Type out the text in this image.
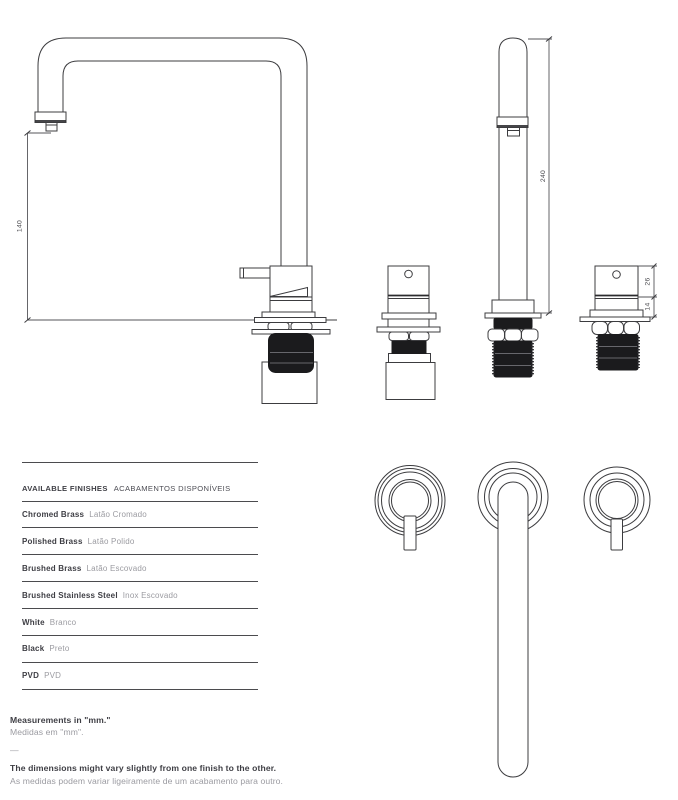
140
240
26
14
AVAILABLE FINISHES ACABAMENTOS DISPONÍVEIS
Chromed Brass Latão Cromado
Polished Brass Latão Polido
Brushed Brass Latão Escovado
Brushed Stainless Steel Inox Escovado
White Branco
Black Preto
PVD PVD

Measurements in "mm."

Medidas em "mm".

—

The dimensions might vary slightly from one finish to the other.

As medidas podem variar ligeiramente de um acabamento para outro.
